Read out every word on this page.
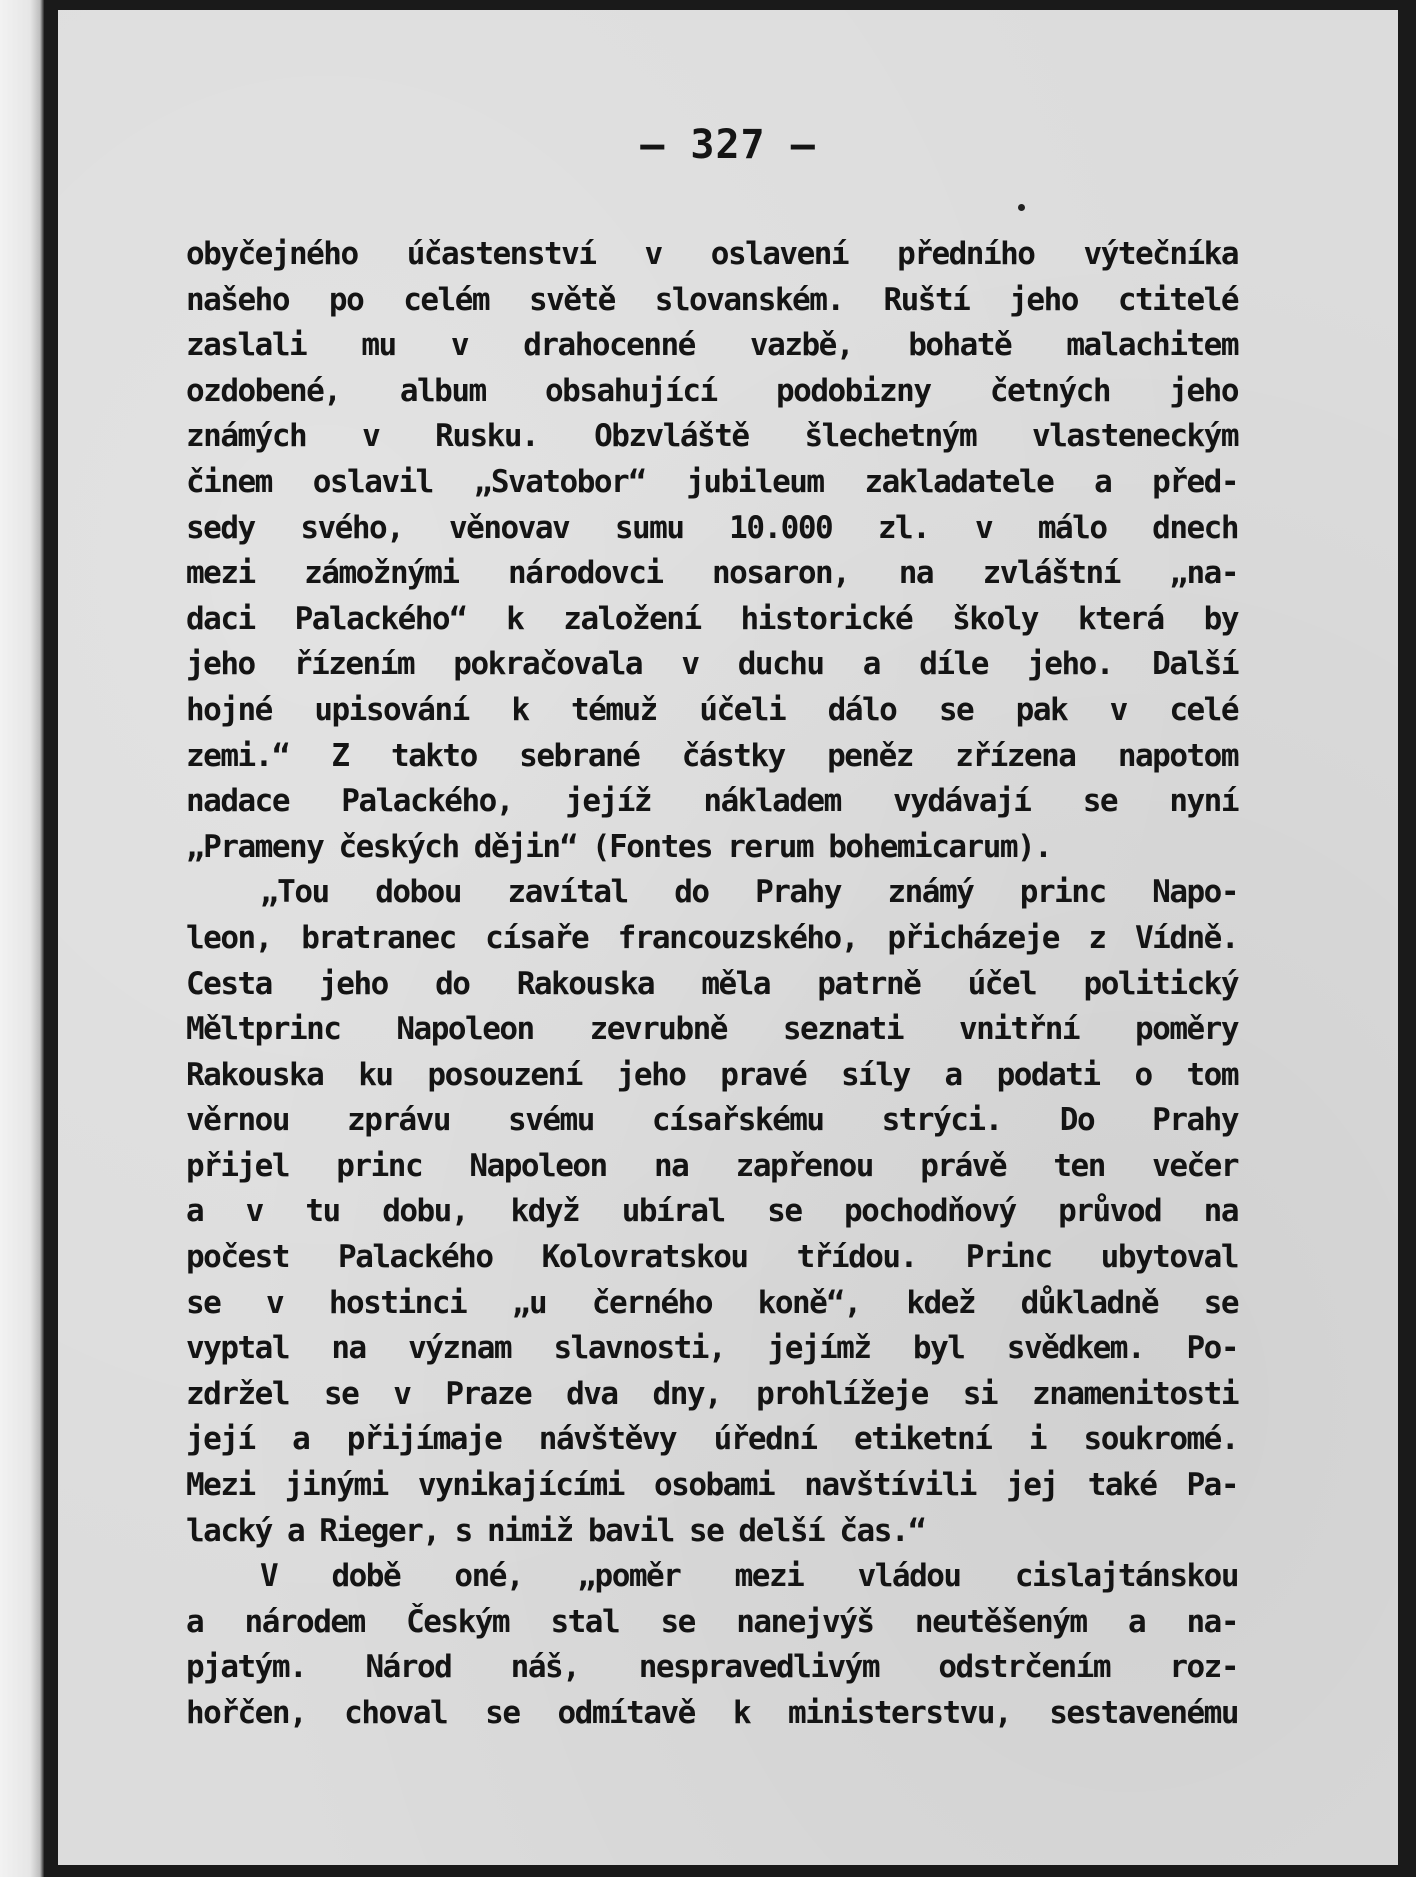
— 327 —
obyčejného účastenství v oslavení předního výtečníka
našeho po celém světě slovanském. Ruští jeho ctitelé
zaslali mu v drahocenné vazbě, bohatě malachitem
ozdobené, album obsahující podobizny četných jeho
známých v Rusku. Obzvláště šlechetným vlasteneckým
činem oslavil „Svatobor“ jubileum zakladatele a před-
sedy svého, věnovav sumu 10.000 zl. v málo dnech
mezi zámožnými národovci nosaron, na zvláštní „na-
daci Palackého“ k založení historické školy která by
jeho řízením pokračovala v duchu a díle jeho. Další
hojné upisování k témuž účeli dálo se pak v celé
zemi.“ Z takto sebrané částky peněz zřízena napotom
nadace Palackého, jejíž nákladem vydávají se nyní
„Prameny českých dějin“ (Fontes rerum bohemicarum).
„Tou dobou zavítal do Prahy známý princ Napo-
leon, bratranec císaře francouzského, přicházeje z Vídně.
Cesta jeho do Rakouska měla patrně účel politický
Měltprinc Napoleon zevrubně seznati vnitřní poměry
Rakouska ku posouzení jeho pravé síly a podati o tom
věrnou zprávu svému císařskému strýci. Do Prahy
přijel princ Napoleon na zapřenou právě ten večer
a v tu dobu, když ubíral se pochodňový průvod na
počest Palackého Kolovratskou třídou. Princ ubytoval
se v hostinci „u černého koně“, kdež důkladně se
vyptal na význam slavnosti, jejímž byl svědkem. Po-
zdržel se v Praze dva dny, prohlížeje si znamenitosti
její a přijímaje návštěvy úřední etiketní i soukromé.
Mezi jinými vynikajícími osobami navštívili jej také Pa-
lacký a Rieger, s nimiž bavil se delší čas.“
V době oné, „poměr mezi vládou cislajtánskou
a národem Českým stal se nanejvýš neutěšeným a na-
pjatým. Národ náš, nespravedlivým odstrčením roz-
hořčen, choval se odmítavě k ministerstvu, sestavenému
